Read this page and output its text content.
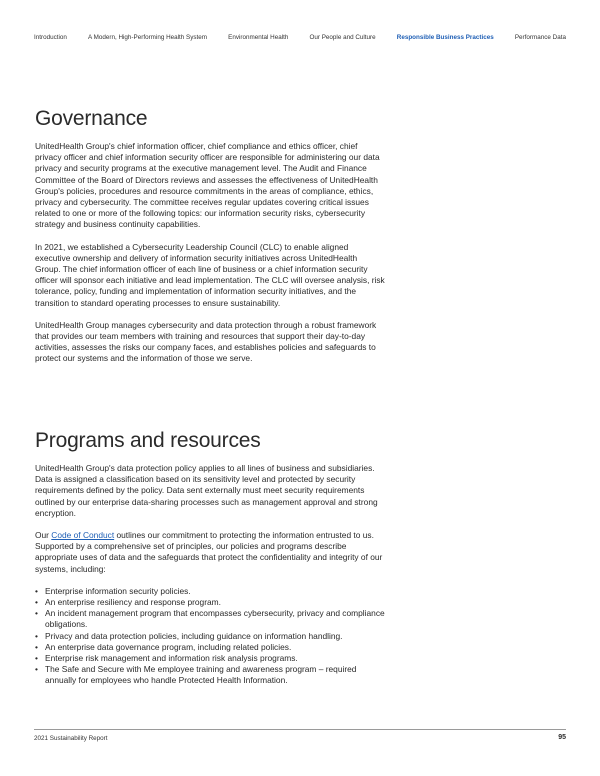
Introduction	A Modern, High-Performing Health System	Environmental Health	Our People and Culture	Responsible Business Practices	Performance Data
Governance

UnitedHealth Group's chief information officer, chief compliance and ethics officer, chief privacy officer and chief information security officer are responsible for administering our data privacy and security programs at the executive management level. The Audit and Finance Committee of the Board of Directors reviews and assesses the effectiveness of UnitedHealth Group's policies, procedures and resource commitments in the areas of compliance, ethics, privacy and cybersecurity. The committee receives regular updates covering critical issues related to one or more of the following topics: our information security risks, cybersecurity strategy and business continuity capabilities.

In 2021, we established a Cybersecurity Leadership Council (CLC) to enable aligned executive ownership and delivery of information security initiatives across UnitedHealth Group. The chief information officer of each line of business or a chief information security officer will sponsor each initiative and lead implementation. The CLC will oversee analysis, risk tolerance, policy, funding and implementation of information security initiatives, and the transition to standard operating processes to ensure sustainability.

UnitedHealth Group manages cybersecurity and data protection through a robust framework that provides our team members with training and resources that support their day-to-day activities, assesses the risks our company faces, and establishes policies and safeguards to protect our systems and the information of those we serve.

Programs and resources

UnitedHealth Group's data protection policy applies to all lines of business and subsidiaries. Data is assigned a classification based on its sensitivity level and protected by security requirements defined by the policy. Data sent externally must meet security requirements outlined by our enterprise data-sharing processes such as management approval and strong encryption.

Our Code of Conduct outlines our commitment to protecting the information entrusted to us. Supported by a comprehensive set of principles, our policies and programs describe appropriate uses of data and the safeguards that protect the confidentiality and integrity of our systems, including:

• Enterprise information security policies.
• An enterprise resiliency and response program.
• An incident management program that encompasses cybersecurity, privacy and compliance obligations.
• Privacy and data protection policies, including guidance on information handling.
• An enterprise data governance program, including related policies.
• Enterprise risk management and information risk analysis programs.
• The Safe and Secure with Me employee training and awareness program – required annually for employees who handle Protected Health Information.
2021 Sustainability Report	95
